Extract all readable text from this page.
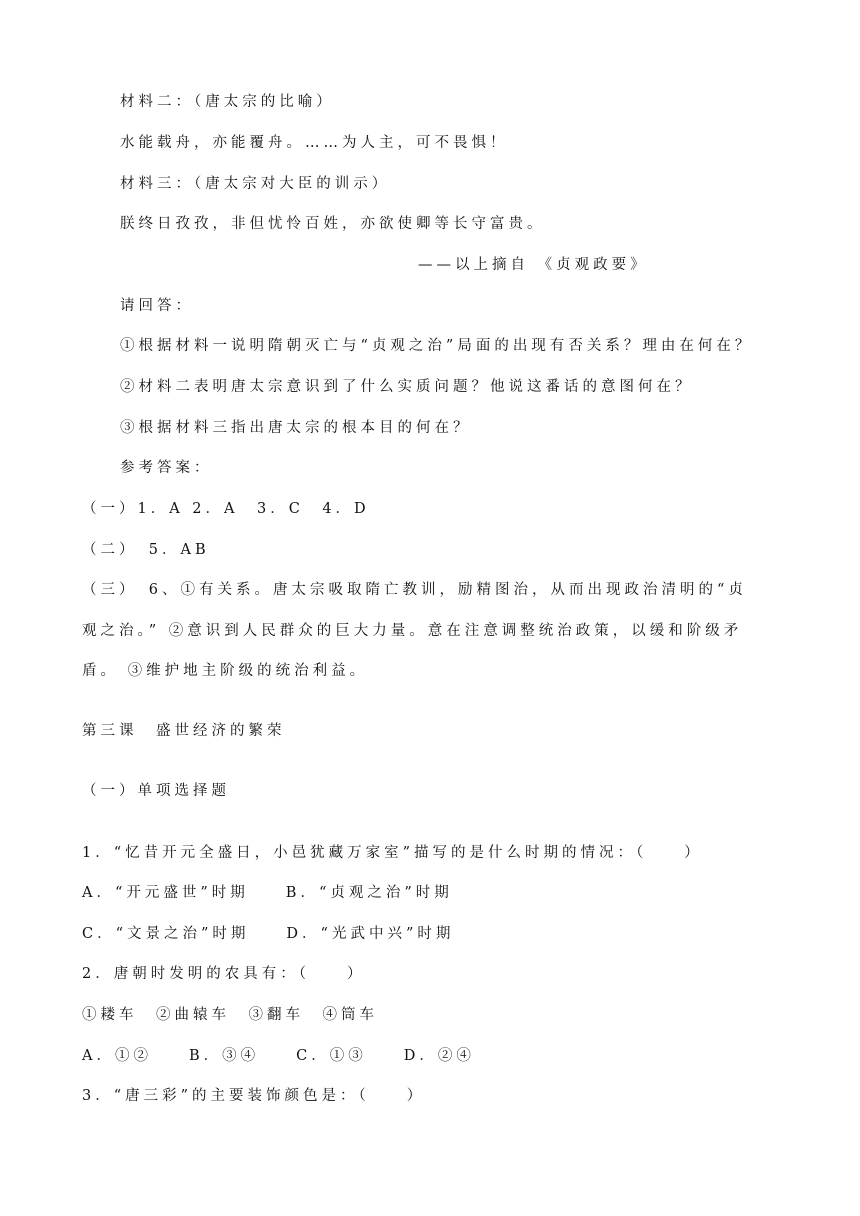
材料二：（唐太宗的比喻）
水能载舟，亦能覆舟。……为人主，可不畏惧！
材料三：（唐太宗对大臣的训示）
朕终日孜孜，非但忧怜百姓，亦欲使卿等长守富贵。
——以上摘自 《贞观政要》
请回答：
①根据材料一说明隋朝灭亡与“贞观之治”局面的出现有否关系？理由在何在？
②材料二表明唐太宗意识到了什么实质问题？他说这番话的意图何在？
③根据材料三指出唐太宗的根本目的何在？
参考答案：
（一）1．A 2．A　3．C　4．D
（二）　5．AB
（三）　6、①有关系。唐太宗吸取隋亡教训，励精图治，从而出现政治清明的“贞
观之治。” ②意识到人民群众的巨大力量。意在注意调整统治政策，以缓和阶级矛
盾。 ③维护地主阶级的统治利益。
第三课　盛世经济的繁荣
（一）单项选择题
1．“忆昔开元全盛日，小邑犹藏万家室”描写的是什么时期的情况：（　　）
A．“开元盛世”时期　　B．“贞观之治”时期
C．“文景之治”时期　　D．“光武中兴”时期
2．唐朝时发明的农具有：（　　）
①耧车　②曲辕车　③翻车　④筒车
A．①②　　B．③④　　C．①③　　D．②④
3．“唐三彩”的主要装饰颜色是：（　　）
